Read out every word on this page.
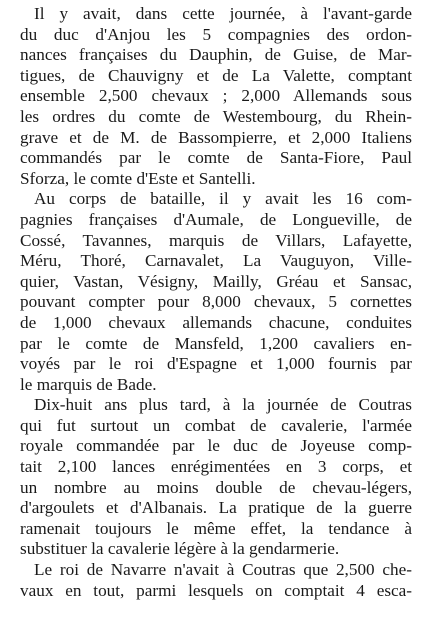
Il y avait, dans cette journée, à l'avant-garde
du duc d'Anjou les 5 compagnies des ordon-
nances françaises du Dauphin, de Guise, de Mar-
tigues, de Chauvigny et de La Valette, comptant
ensemble 2,500 chevaux ; 2,000 Allemands sous
les ordres du comte de Westembourg, du Rhein-
grave et de M. de Bassompierre, et 2,000 Italiens
commandés par le comte de Santa-Fiore, Paul
Sforza, le comte d'Este et Santelli.

Au corps de bataille, il y avait les 16 com-
pagnies françaises d'Aumale, de Longueville, de
Cossé, Tavannes, marquis de Villars, Lafayette,
Méru, Thoré, Carnavalet, La Vauguyon, Ville-
quier, Vastan, Vésigny, Mailly, Gréau et Sansac,
pouvant compter pour 8,000 chevaux, 5 cornettes
de 1,000 chevaux allemands chacune, conduites
par le comte de Mansfeld, 1,200 cavaliers en-
voyés par le roi d'Espagne et 1,000 fournis par
le marquis de Bade.

Dix-huit ans plus tard, à la journée de Coutras
qui fut surtout un combat de cavalerie, l'armée
royale commandée par le duc de Joyeuse comp-
tait 2,100 lances enrégimentées en 3 corps, et
un nombre au moins double de chevau-légers,
d'argoulets et d'Albanais. La pratique de la guerre
ramenait toujours le même effet, la tendance à
substituer la cavalerie légère à la gendarmerie.

Le roi de Navarre n'avait à Coutras que 2,500 che-
vaux en tout, parmi lesquels on comptait 4 esca-
